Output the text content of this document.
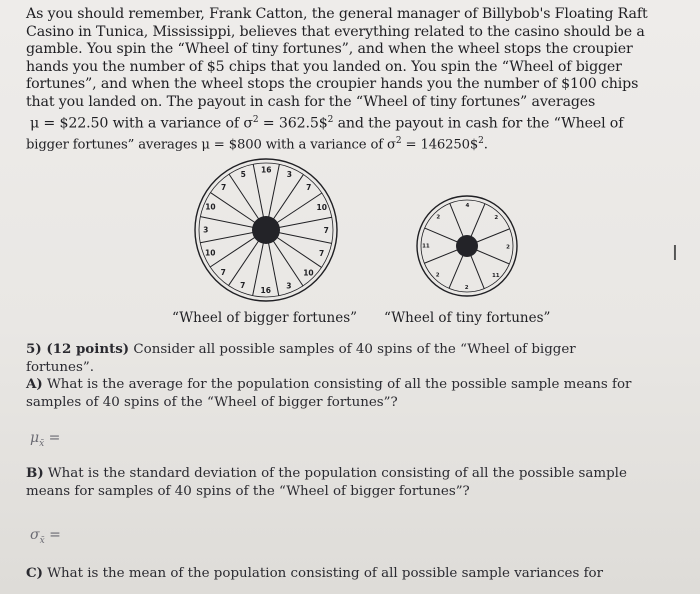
As you should remember, Frank Catton, the general manager of Billybob's Floating Raft
Casino in Tunica, Mississippi, believes that everything related to the casino should be a
gamble. You spin the “Wheel of tiny fortunes”, and when the wheel stops the croupier
hands you the number of $5 chips that you landed on. You spin the “Wheel of bigger
fortunes”, and when the wheel stops the croupier hands you the number of $100 chips
that you landed on. The payout in cash for the “Wheel of tiny fortunes” averages
μ = $22.50 with a variance of $\sigma^2$ = 362.5\$$^2$ and the payout in cash for the “Wheel of
bigger fortunes” averages μ = $800 with a variance of $\sigma^2$ = 146250\$$^2$.
16
3
7
10
7
7
10
3
16
7
7
10
3
10
7
5
4
2
2
11
2
2
11
2
“Wheel of bigger fortunes” “Wheel of tiny fortunes”
5) (12 points) Consider all possible samples of 40 spins of the “Wheel of bigger
fortunes”.
A) What is the average for the population consisting of all the possible sample means for
samples of 40 spins of the “Wheel of bigger fortunes”?
$\mu_{x̄}$ =
B) What is the standard deviation of the population consisting of all the possible sample
means for samples of 40 spins of the “Wheel of bigger fortunes”?
$\sigma_{x̄}$ =
C) What is the mean of the population consisting of all possible sample variances for
I
